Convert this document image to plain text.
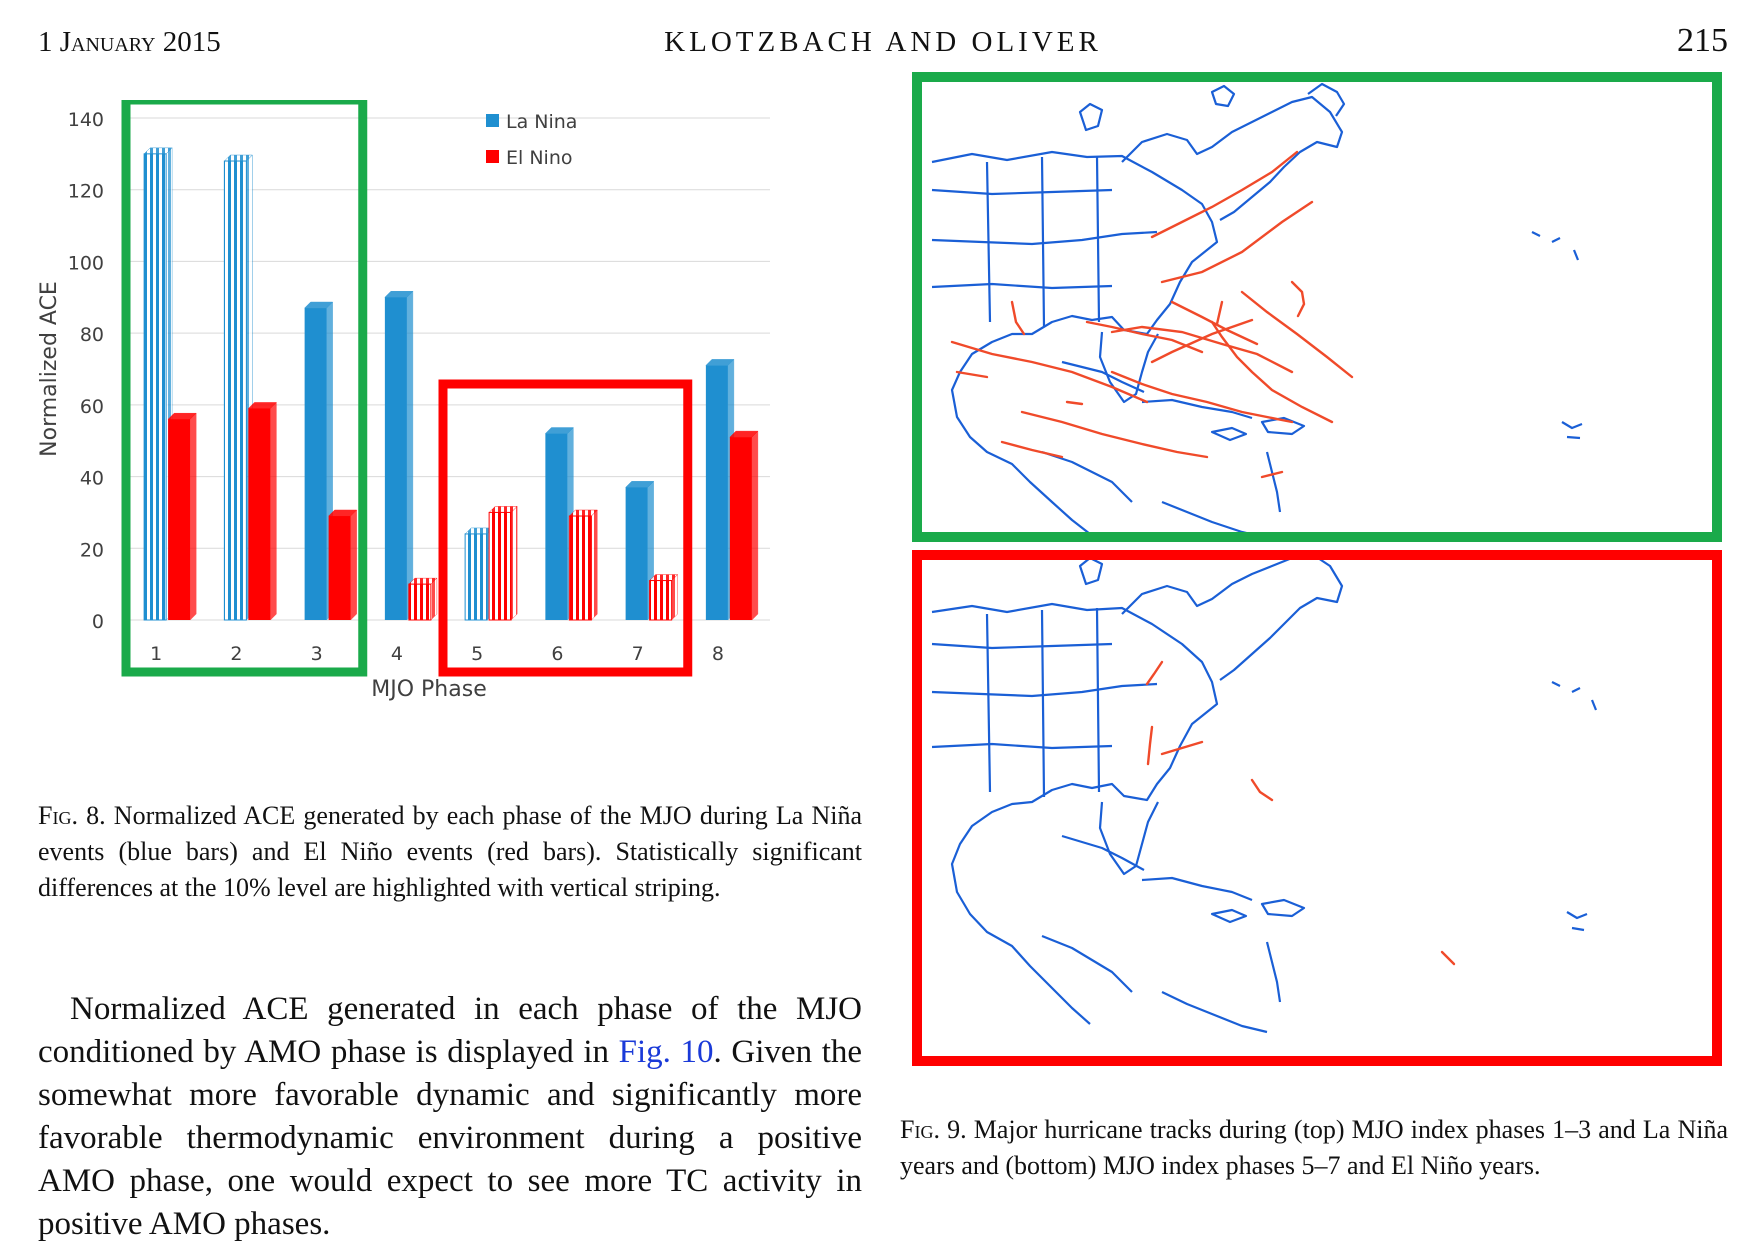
1 January 2015	KLOTZBACH AND OLIVER	215
0
20
40
60
80
100
120
140
1	2	3	4	5	6	7	8
MJO Phase
Normalized ACE
La Nina
El Nino
Fig. 8. Normalized ACE generated by each phase of the MJO during La Niña events (blue bars) and El Niño events (red bars). Statistically significant differences at the 10% level are highlighted with vertical striping.

Normalized ACE generated in each phase of the MJO conditioned by AMO phase is displayed in Fig. 10. Given the somewhat more favorable dynamic and significantly more favorable thermodynamic environment during a positive AMO phase, one would expect to see more TC activity in positive AMO phases.

Fig. 9. Major hurricane tracks during (top) MJO index phases 1–3 and La Niña years and (bottom) MJO index phases 5–7 and El Niño years.
